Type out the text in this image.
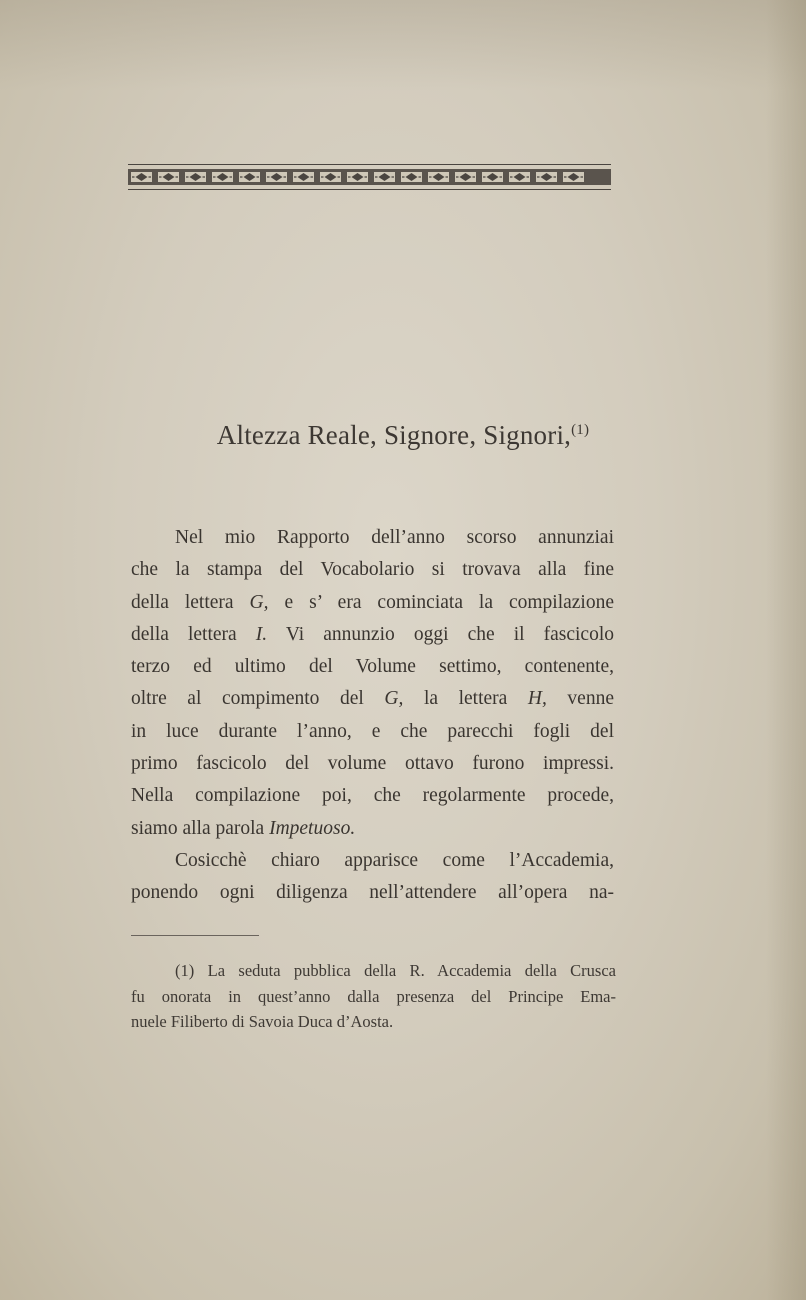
Altezza Reale, Signore, Signori,$^{(1)}$
Nel mio Rapporto dell’anno scorso annunziai
che la stampa del Vocabolario si trovava alla fine
della lettera G, e s’ era cominciata la compilazione
della lettera I. Vi annunzio oggi che il fascicolo
terzo ed ultimo del Volume settimo, contenente,
oltre al compimento del G, la lettera H, venne
in luce durante l’anno, e che parecchi fogli del
primo fascicolo del volume ottavo furono impressi.
Nella compilazione poi, che regolarmente procede,
siamo alla parola Impetuoso.
Cosicchè chiaro apparisce come l’Accademia,
ponendo ogni diligenza nell’attendere all’opera na-
(1) La seduta pubblica della R. Accademia della Crusca
fu onorata in quest’anno dalla presenza del Principe Ema-
nuele Filiberto di Savoia Duca d’Aosta.
